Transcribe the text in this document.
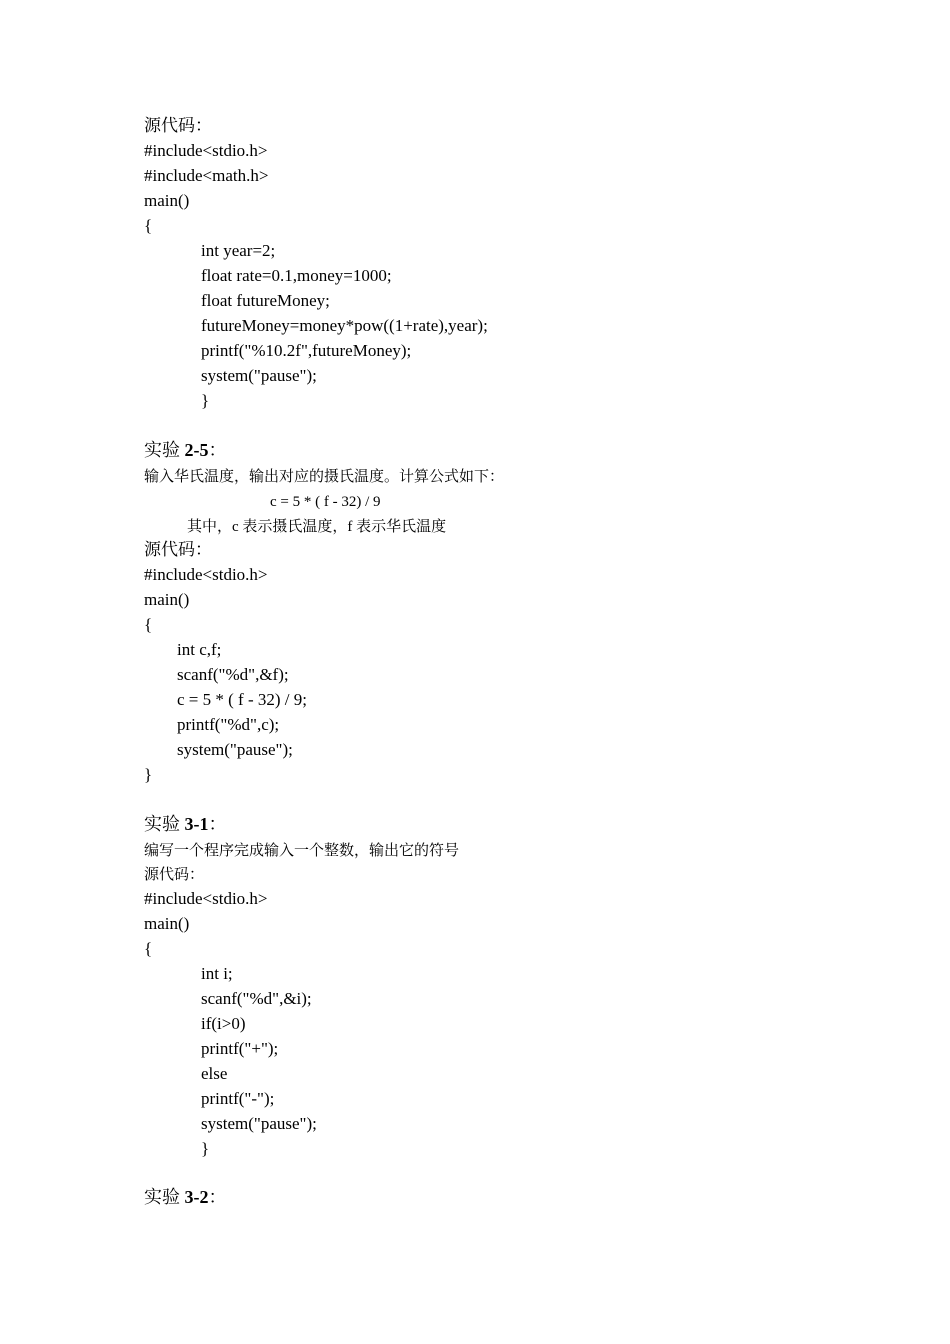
源代码：
#include<stdio.h>
#include<math.h>
main()
{
int year=2;
float rate=0.1,money=1000;
float futureMoney;
futureMoney=money*pow((1+rate),year);
printf("%10.2f",futureMoney);
system("pause");
}
实验 2-5：
输入华氏温度，输出对应的摄氏温度。计算公式如下：
c = 5 * ( f - 32) / 9
其中，c 表示摄氏温度，f 表示华氏温度
源代码：
#include<stdio.h>
main()
{
int c,f;
scanf("%d",&f);
c = 5 * ( f - 32) / 9;
printf("%d",c);
system("pause");
}
实验 3-1：
编写一个程序完成输入一个整数，输出它的符号
源代码：
#include<stdio.h>
main()
{
int i;
scanf("%d",&i);
if(i>0)
printf("+");
else
printf("-");
system("pause");
}
实验 3-2：
